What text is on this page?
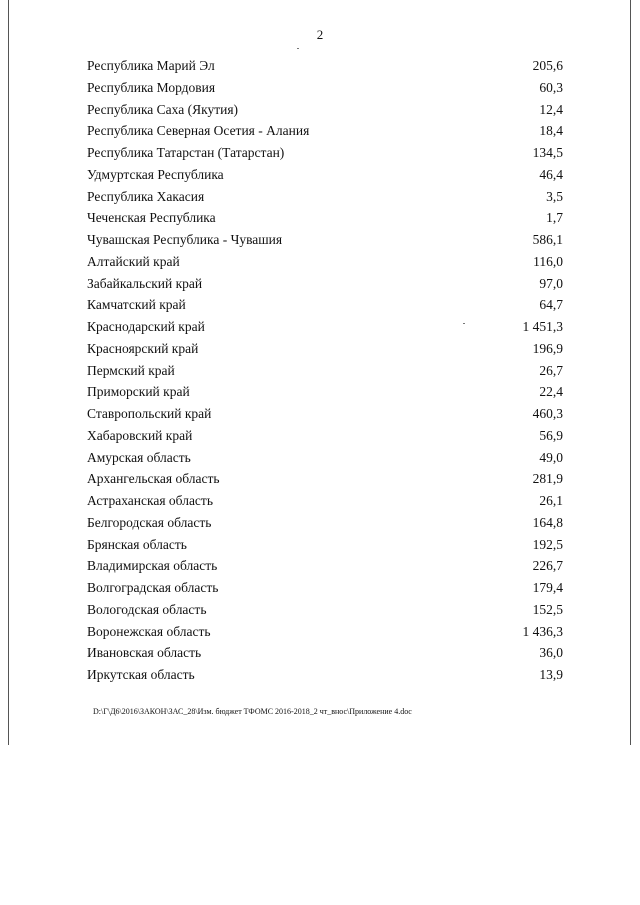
2
Республика Марий Эл	205,6
Республика Мордовия	60,3
Республика Саха (Якутия)	12,4
Республика Северная Осетия - Алания	18,4
Республика Татарстан (Татарстан)	134,5
Удмуртская Республика	46,4
Республика Хакасия	3,5
Чеченская Республика	1,7
Чувашская Республика - Чувашия	586,1
Алтайский край	116,0
Забайкальский край	97,0
Камчатский край	64,7
Краснодарский край	1 451,3
Красноярский край	196,9
Пермский край	26,7
Приморский край	22,4
Ставропольский край	460,3
Хабаровский край	56,9
Амурская область	49,0
Архангельская область	281,9
Астраханская область	26,1
Белгородская область	164,8
Брянская область	192,5
Владимирская область	226,7
Волгоградская область	179,4
Вологодская область	152,5
Воронежская область	1 436,3
Ивановская область	36,0
Иркутская область	13,9
D:\Г\Д6\2016\ЗАКОН\ЗАС_28\Изм. бюджет ТФОМС 2016-2018_2 чт_внос\Приложение 4.doc
